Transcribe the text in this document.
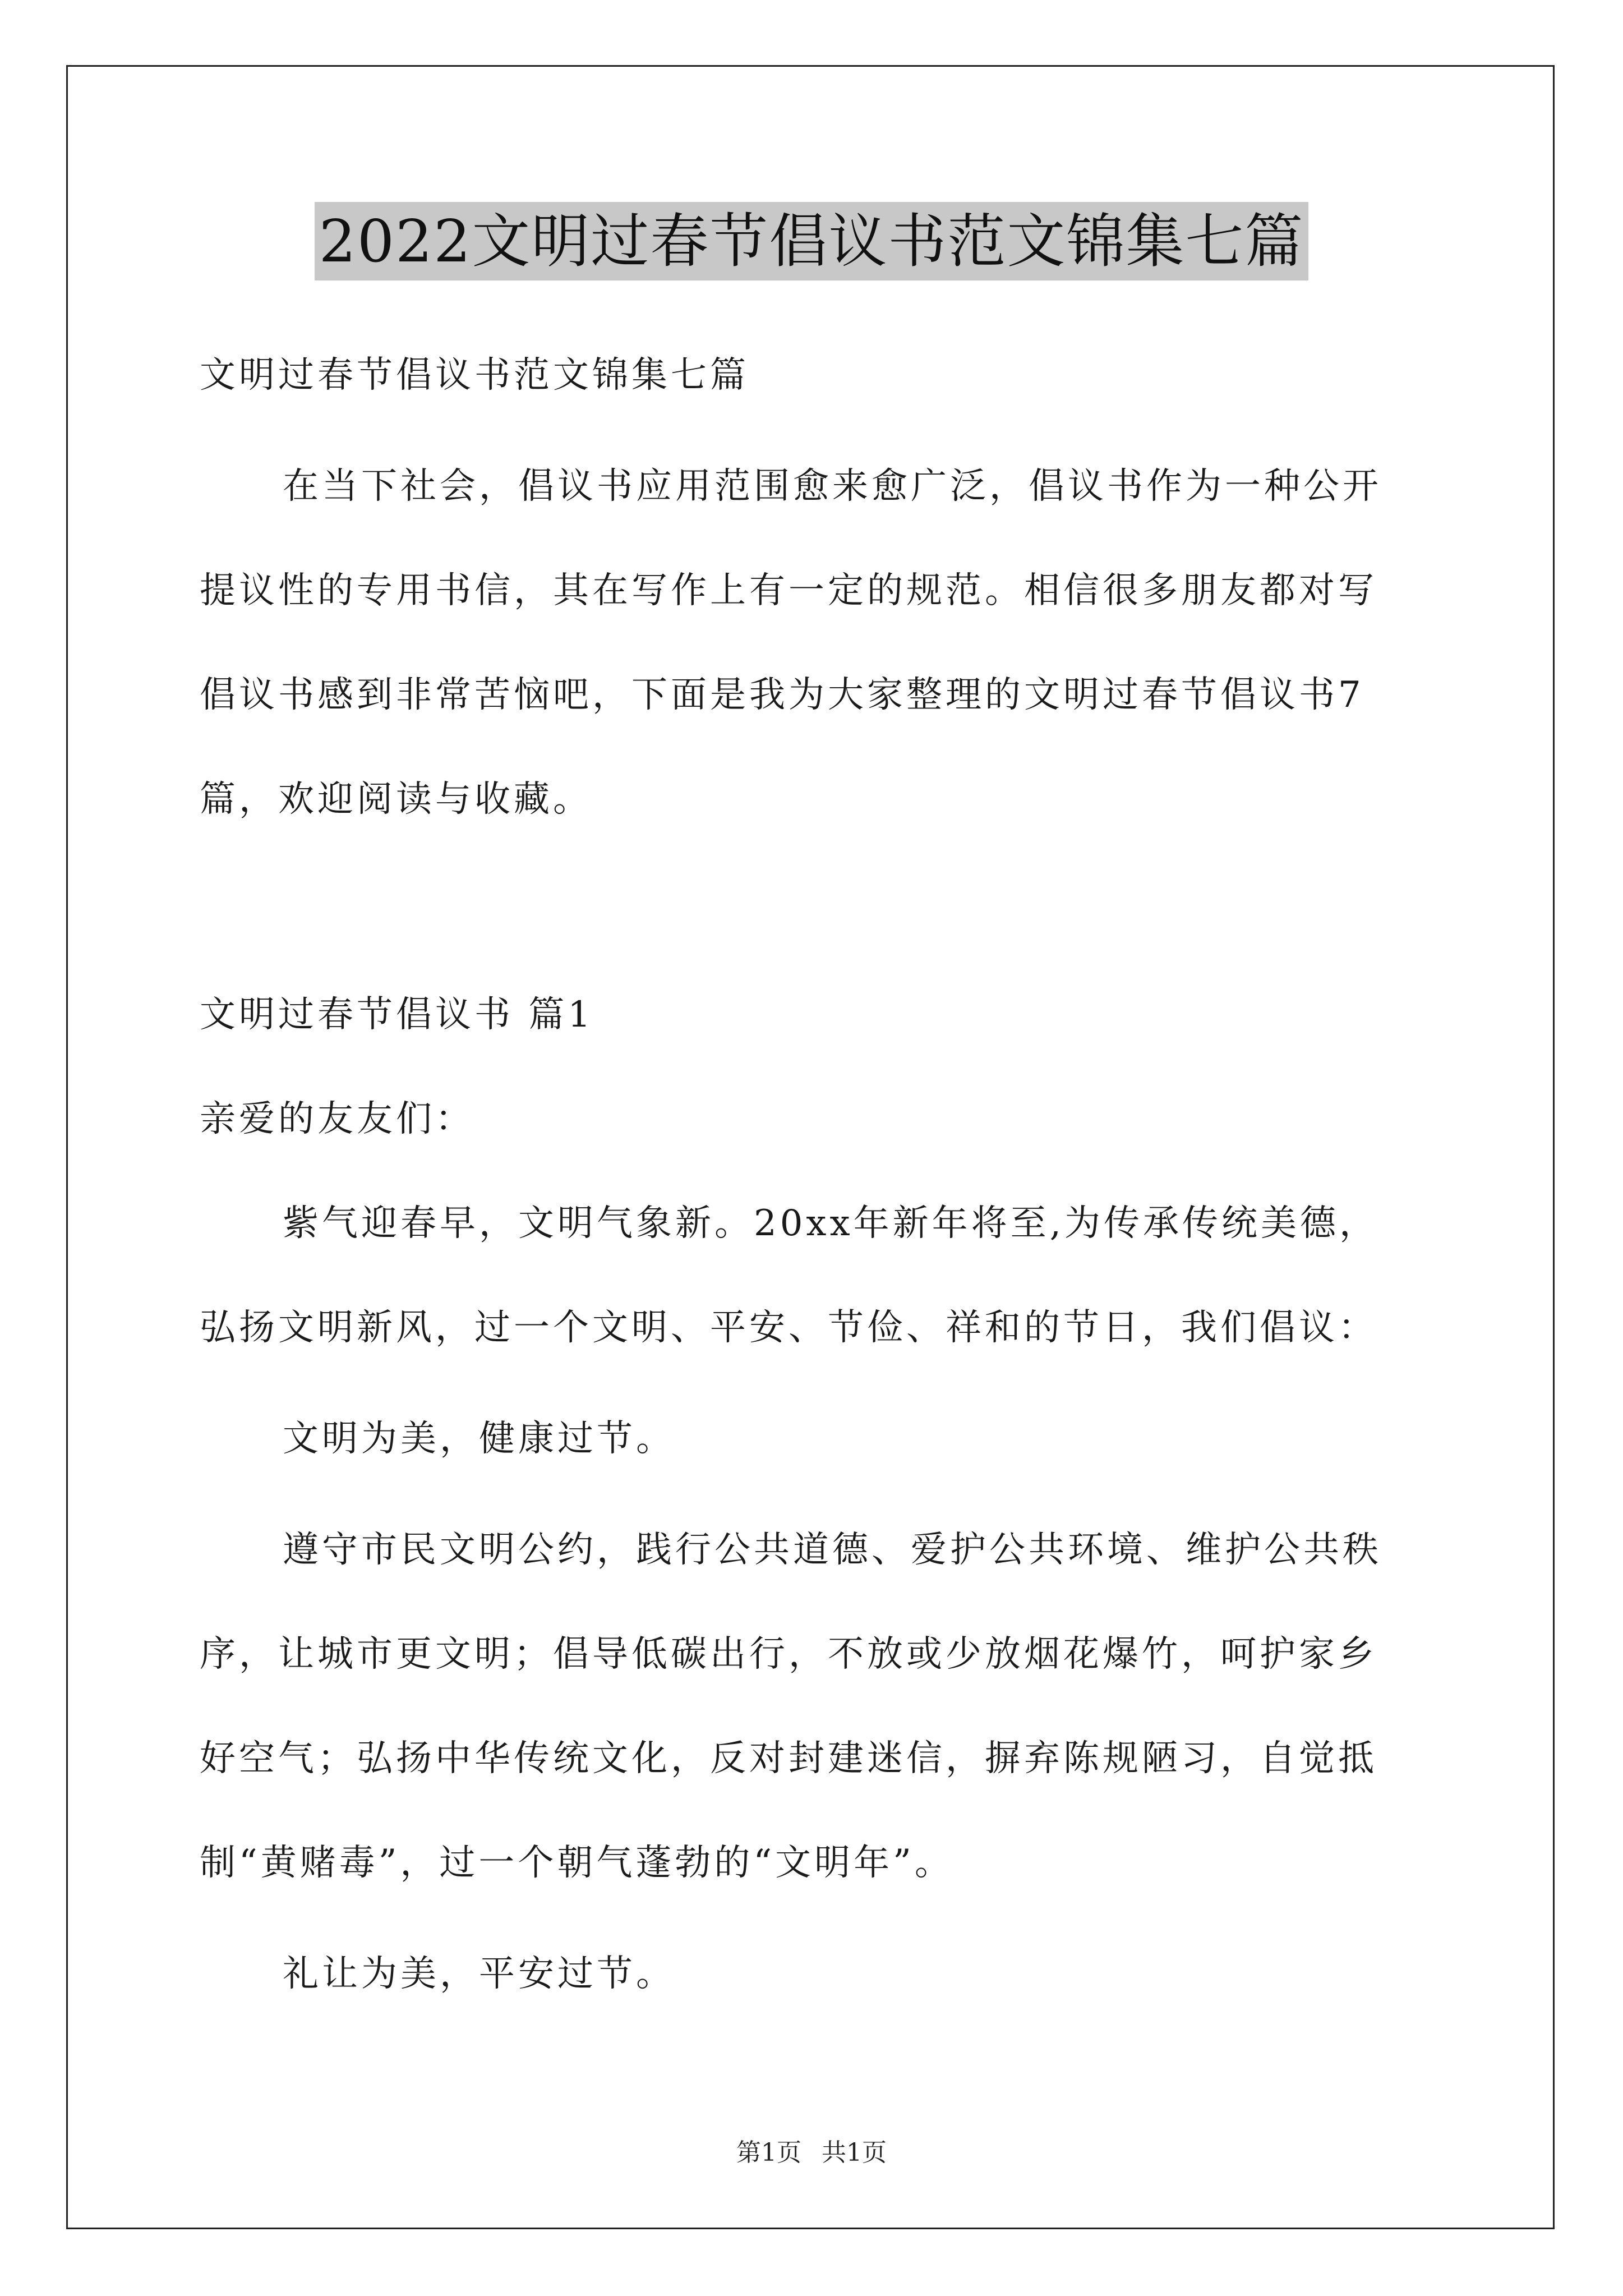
2022文明过春节倡议书范文锦集七篇
文明过春节倡议书范文锦集七篇
在当下社会，倡议书应用范围愈来愈广泛，倡议书作为一种公开
提议性的专用书信，其在写作上有一定的规范。相信很多朋友都对写
倡议书感到非常苦恼吧，下面是我为大家整理的文明过春节倡议书7
篇，欢迎阅读与收藏。
文明过春节倡议书 篇1
亲爱的友友们：
紫气迎春早，文明气象新。20xx年新年将至,为传承传统美德，
弘扬文明新风，过一个文明、平安、节俭、祥和的节日，我们倡议：
文明为美，健康过节。
遵守市民文明公约，践行公共道德、爱护公共环境、维护公共秩
序，让城市更文明；倡导低碳出行，不放或少放烟花爆竹，呵护家乡
好空气；弘扬中华传统文化，反对封建迷信，摒弃陈规陋习，自觉抵
制“黄赌毒”，过一个朝气蓬勃的“文明年”。
礼让为美，平安过节。
第1页 共1页
